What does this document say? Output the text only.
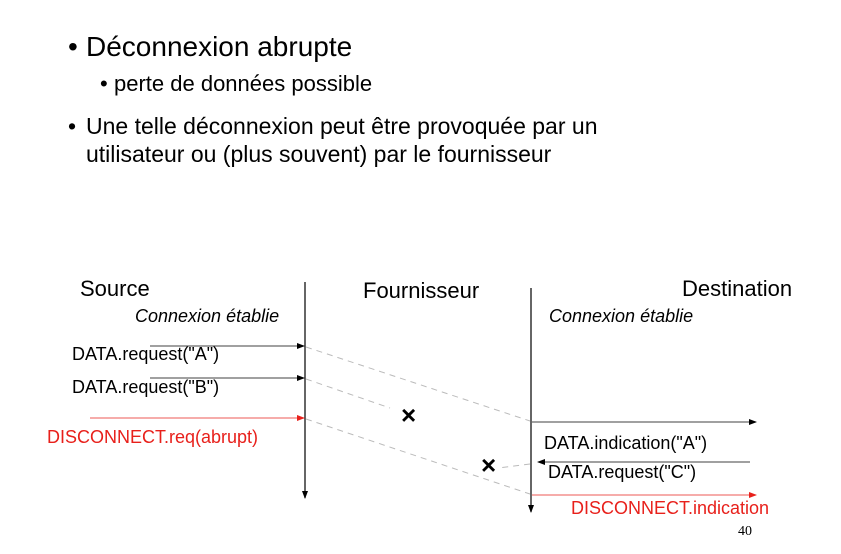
• Déconnexion abrupte
• perte de données possible
• Une telle déconnexion peut être provoquée par un
utilisateur ou (plus souvent) par le fournisseur
Source	Fournisseur	Destination
Connexion établie	Connexion établie
DATA.request("A")
DATA.request("B")
DISCONNECT.req(abrupt)
×
×
DATA.indication("A")
DATA.request("C")
DISCONNECT.indication
40
